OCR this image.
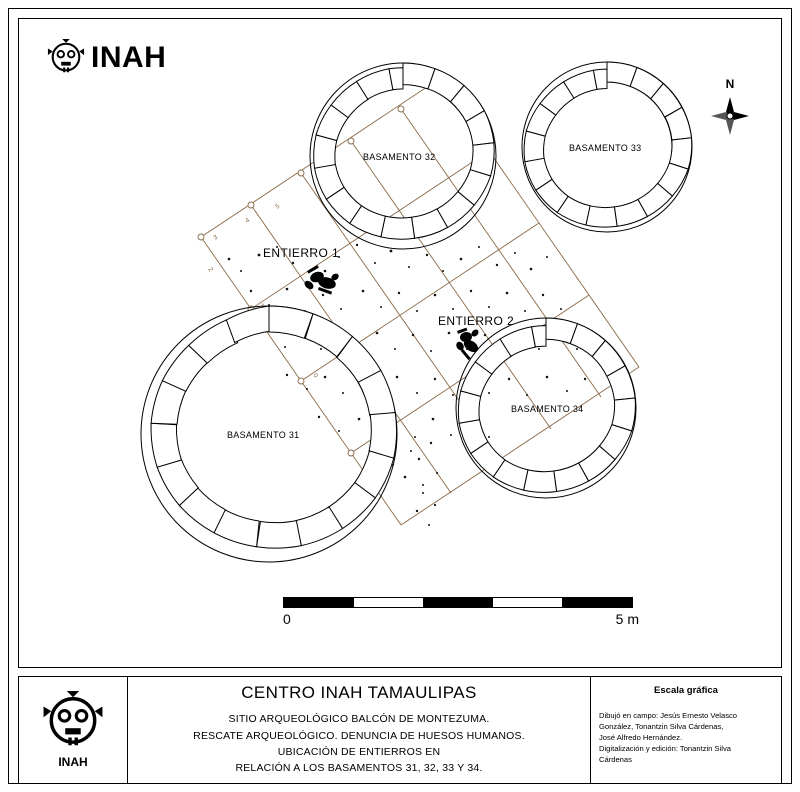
5
4
3
2
1
0
BASAMENTO 32
BASAMENTO 33
BASAMENTO 31
BASAMENTO 34
ENTIERRO 1
ENTIERRO 2
INAH
N
0	5 m
INAH
CENTRO INAH TAMAULIPAS
SITIO ARQUEOLÓGICO BALCÓN DE MONTEZUMA.
RESCATE ARQUEOLÓGICO. DENUNCIA DE HUESOS HUMANOS.
UBICACIÓN DE ENTIERROS EN
RELACIÓN A LOS BASAMENTOS 31, 32, 33 Y 34.
Escala gráfica
Dibujó en campo: Jesús Ernesto Velasco
González, Tonantzin Silva Cárdenas,
José Alfredo Hernández.
Digitalización y edición: Tonantzin Silva
Cárdenas
